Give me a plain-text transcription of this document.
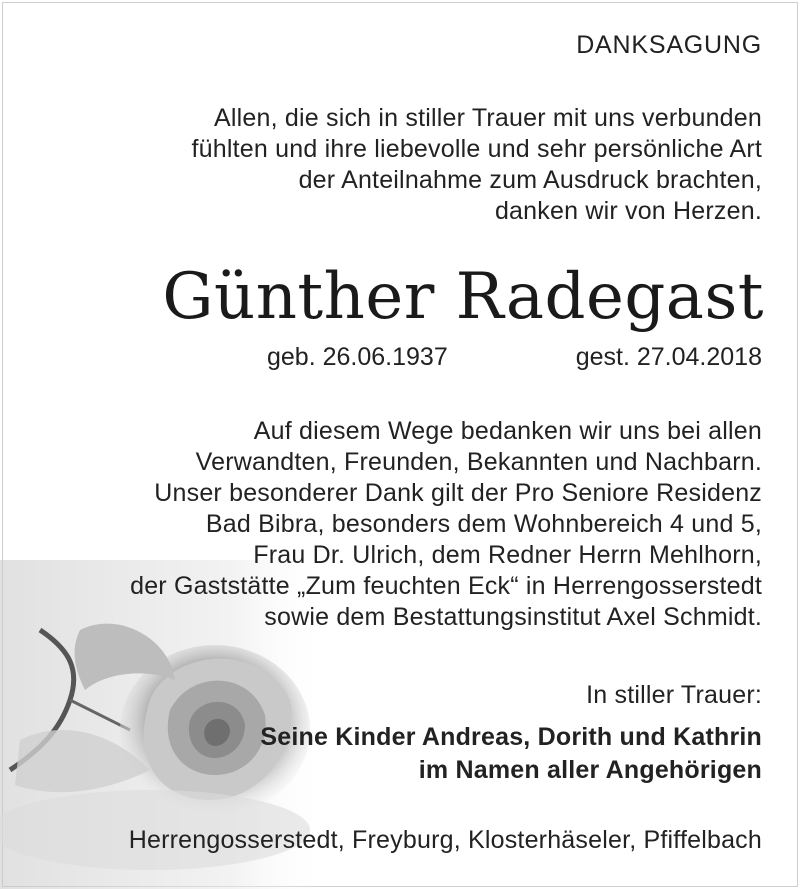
DANKSAGUNG
Allen, die sich in stiller Trauer mit uns verbunden
fühlten und ihre liebevolle und sehr persönliche Art
der Anteilnahme zum Ausdruck brachten,
danken wir von Herzen.
Günther Radegast
geb. 26.06.1937	gest. 27.04.2018
Auf diesem Wege bedanken wir uns bei allen
Verwandten, Freunden, Bekannten und Nachbarn.
Unser besonderer Dank gilt der Pro Seniore Residenz
Bad Bibra, besonders dem Wohnbereich 4 und 5,
Frau Dr. Ulrich, dem Redner Herrn Mehlhorn,
der Gaststätte „Zum feuchten Eck“ in Herrengosserstedt
sowie dem Bestattungsinstitut Axel Schmidt.
In stiller Trauer:
Seine Kinder Andreas, Dorith und Kathrin
im Namen aller Angehörigen
Herrengosserstedt, Freyburg, Klosterhäseler, Pfiffelbach
